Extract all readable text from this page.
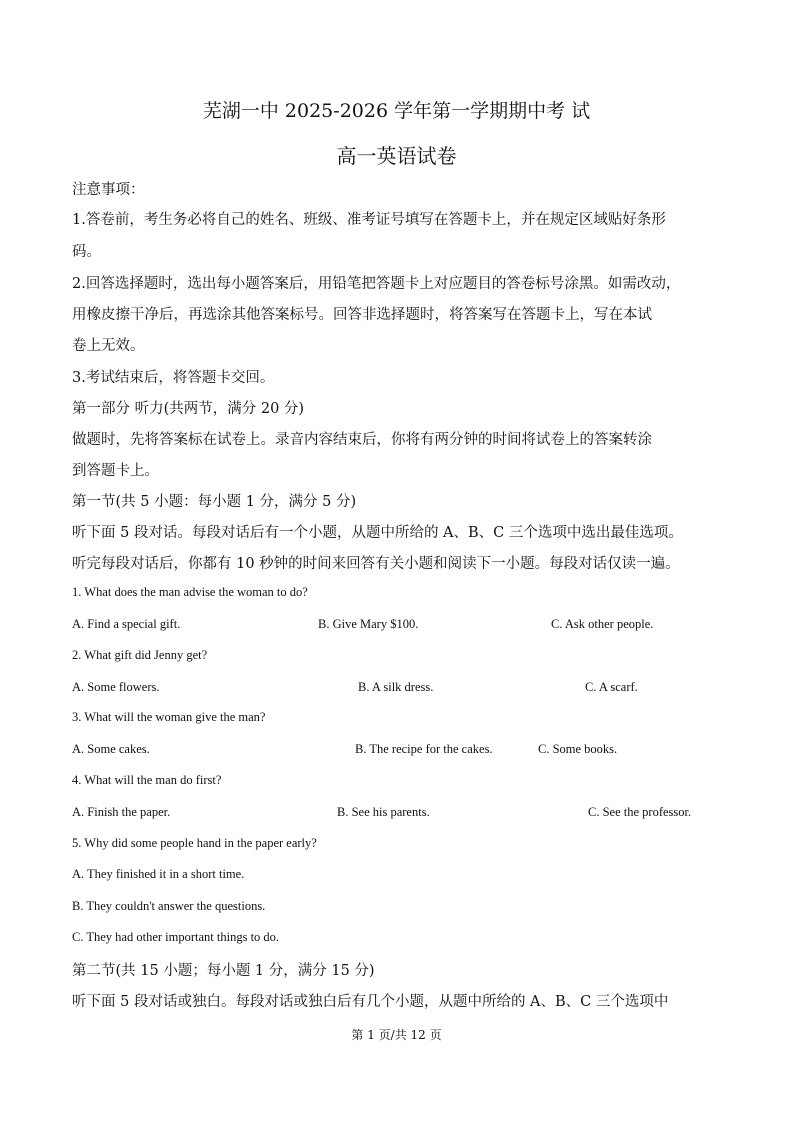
芜湖一中 2025-2026 学年第一学期期中考 试
高一英语试卷
注意事项：
1.答卷前，考生务必将自己的姓名、班级、准考证号填写在答题卡上，并在规定区域贴好条形
码。
2.回答选择题时，选出每小题答案后，用铅笔把答题卡上对应题目的答卷标号涂黑。如需改动，
用橡皮擦干净后，再选涂其他答案标号。回答非选择题时，将答案写在答题卡上，写在本试
卷上无效。
3.考试结束后，将答题卡交回。
第一部分 听力(共两节，满分 20 分)
做题时，先将答案标在试卷上。录音内容结束后，你将有两分钟的时间将试卷上的答案转涂
到答题卡上。
第一节(共 5 小题：每小题 1 分，满分 5 分)
听下面 5 段对话。每段对话后有一个小题，从题中所给的 A、B、C 三个选项中选出最佳选项。
听完每段对话后，你都有 10 秒钟的时间来回答有关小题和阅读下一小题。每段对话仅读一遍。
1. What does the man advise the woman to do?
A. Find a special gift.	B. Give Mary $100.	C. Ask other people.
2. What gift did Jenny get?
A. Some flowers.	B. A silk dress.	C. A scarf.
3. What will the woman give the man?
A. Some cakes.	B. The recipe for the cakes.	C. Some books.
4. What will the man do first?
A. Finish the paper.	B. See his parents.	C. See the professor.
5. Why did some people hand in the paper early?
A. They finished it in a short time.
B. They couldn't answer the questions.
C. They had other important things to do.
第二节(共 15 小题；每小题 1 分，满分 15 分)
听下面 5 段对话或独白。每段对话或独白后有几个小题，从题中所给的 A、B、C 三个选项中
第 1 页/共 12 页
